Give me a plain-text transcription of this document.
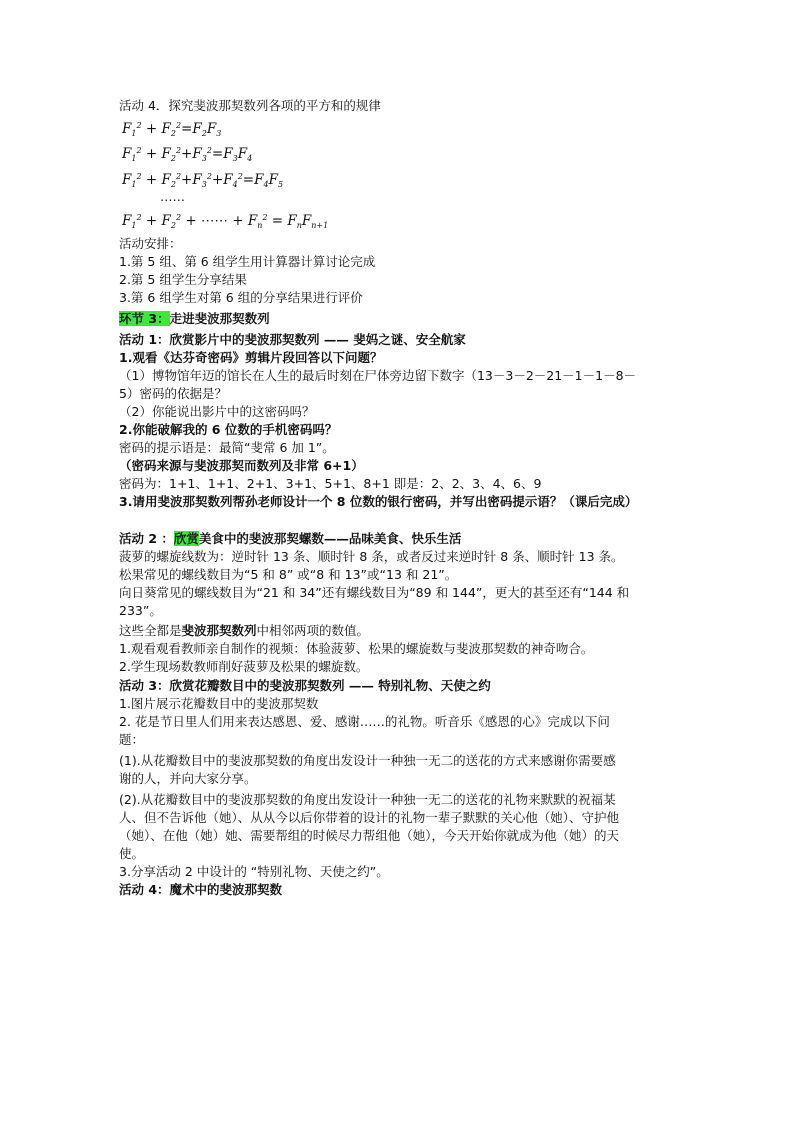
活动 4．探究斐波那契数列各项的平方和的规律
$F_1^2 + F_2^2=F_2F_3$
$F_1^2 + F_2^2+F_3^2=F_3F_4$
$F_1^2 + F_2^2+F_3^2+F_4^2=F_4F_5$
……
$F_1^2 + F_2^2$ + ⋯⋯ + $F_n^2 = F_nF_{n+1}$
活动安排：
1.第 5 组、第 6 组学生用计算器计算讨论完成
2.第 5 组学生分享结果
3.第 6 组学生对第 6 组的分享结果进行评价
环节 3：走进斐波那契数列
活动 1：欣赏影片中的斐波那契数列 —— 斐妈之谜、安全航家
1.观看《达芬奇密码》剪辑片段回答以下问题？
（1）博物馆年迈的馆长在人生的最后时刻在尸体旁边留下数字（13－3－2－21－1－1－8－
5）密码的依据是？
（2）你能说出影片中的这密码吗？
2.你能破解我的 6 位数的手机密码吗？
密码的提示语是：最简“斐常 6 加 1”。
（密码来源与斐波那契而数列及非常 6+1）
密码为：1+1、1+1、2+1、3+1、5+1、8+1 即是：2、2、3、4、6、9
3.请用斐波那契数列帮孙老师设计一个 8 位数的银行密码，并写出密码提示语？（课后完成）
活动 2 ：欣赏美食中的斐波那契螺数——品味美食、快乐生活
菠萝的螺旋线数为：逆时针 13 条、顺时针 8 条，或者反过来逆时针 8 条、顺时针 13 条。
松果常见的螺线数目为“5 和 8” 或“8 和 13”或“13 和 21”。
向日葵常见的螺线数目为“21 和 34”还有螺线数目为“89 和 144”，更大的甚至还有“144 和
233”。
这些全都是斐波那契数列中相邻两项的数值。
1.观看观看教师亲自制作的视频：体验菠萝、松果的螺旋数与斐波那契数的神奇吻合。
2.学生现场数教师削好菠萝及松果的螺旋数。
活动 3：欣赏花瓣数目中的斐波那契数列 —— 特别礼物、天使之约
1.图片展示花瓣数目中的斐波那契数
2. 花是节日里人们用来表达感恩、爱、感谢……的礼物。听音乐《感恩的心》完成以下问
题：
(1).从花瓣数目中的斐波那契数的角度出发设计一种独一无二的送花的方式来感谢你需要感
谢的人，并向大家分享。
(2).从花瓣数目中的斐波那契数的角度出发设计一种独一无二的送花的礼物来默默的祝福某
人、但不告诉他（她）、从从今以后你带着的设计的礼物一辈子默默的关心他（她）、守护他
（她）、在他（她）她、需要帮组的时候尽力帮组他（她），今天开始你就成为他（她）的天
使。
3.分享活动 2 中设计的 “特别礼物、天使之约”。
活动 4：魔术中的斐波那契数
